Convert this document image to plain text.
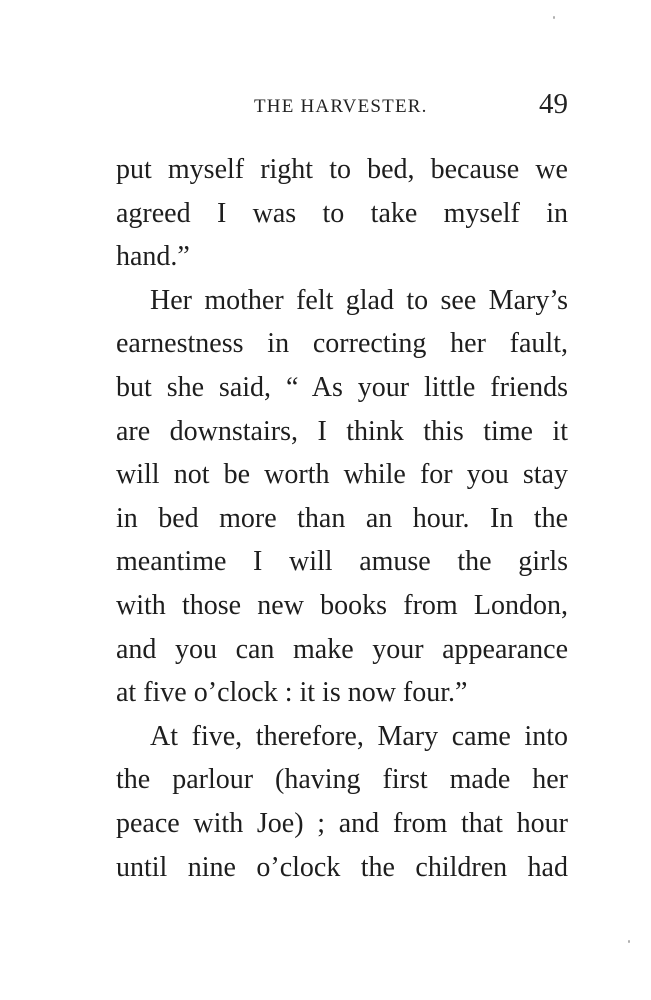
THE HARVESTER.	49
put myself right to bed, because we
agreed I was to take myself in
hand.”
Her mother felt glad to see Mary’s
earnestness in correcting her fault,
but she said, “ As your little friends
are downstairs, I think this time it
will not be worth while for you stay
in bed more than an hour. In the
meantime I will amuse the girls
with those new books from London,
and you can make your appearance
at five o’clock : it is now four.”
At five, therefore, Mary came into
the parlour (having first made her
peace with Joe) ; and from that hour
until nine o’clock the children had
